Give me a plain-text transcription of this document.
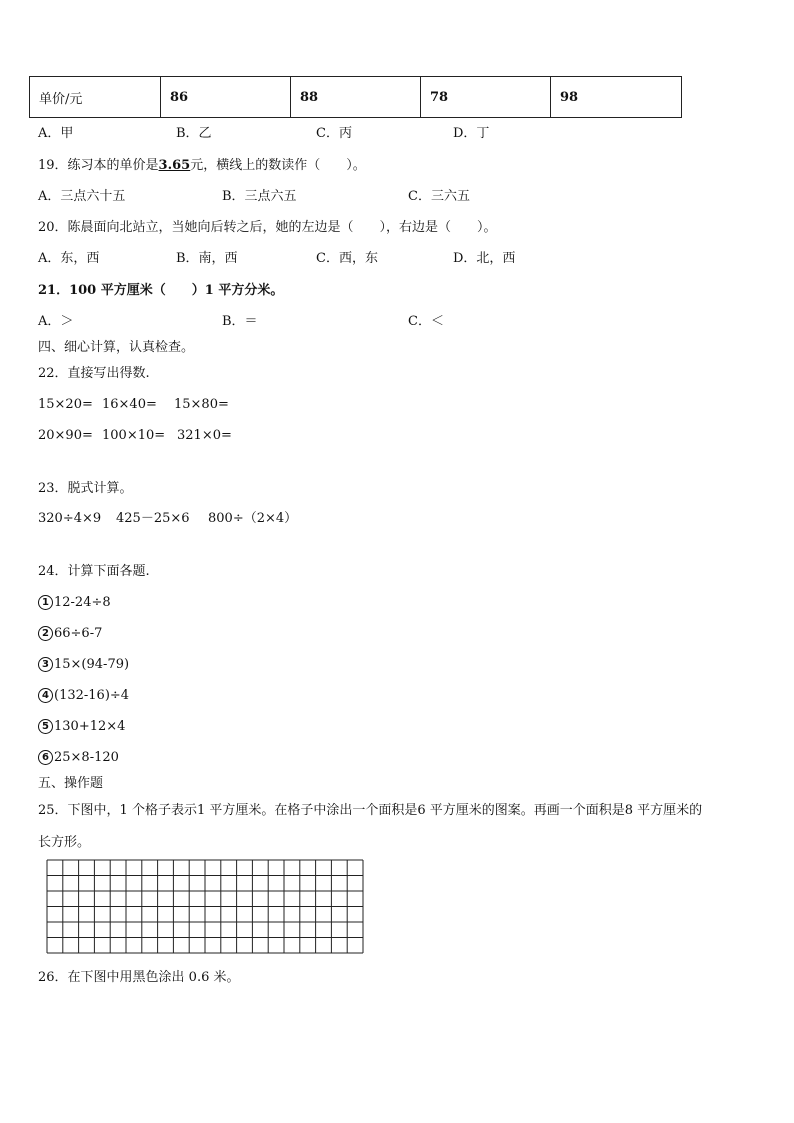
单价/元	86	88	78	98
A．甲	B．乙	C．丙	D．丁
19．练习本的单价是3.65元，横线上的数读作（　　）。
A．三点六十五	B．三点六五	C．三六五
20．陈晨面向北站立，当她向后转之后，她的左边是（　　），右边是（　　）。
A．东，西	B．南，西	C．西，东	D．北，西
21．100 平方厘米（　　）1 平方分米。
A．＞	B．＝	C．＜
四、细心计算，认真检查。
22．直接写出得数.
15×20= 16×40= 15×80=
20×90= 100×10= 321×0=
23．脱式计算。
320÷4×9 425－25×6 800÷（2×4）
24．计算下面各题.
1 12-24÷8
2 66÷6-7
3 15×(94-79)
4 (132-16)÷4
5 130+12×4
6 25×8-120
五、操作题
25．下图中，1 个格子表示1 平方厘米。在格子中涂出一个面积是6 平方厘米的图案。再画一个面积是8 平方厘米的
长方形。
26．在下图中用黑色涂出 0.6 米。
